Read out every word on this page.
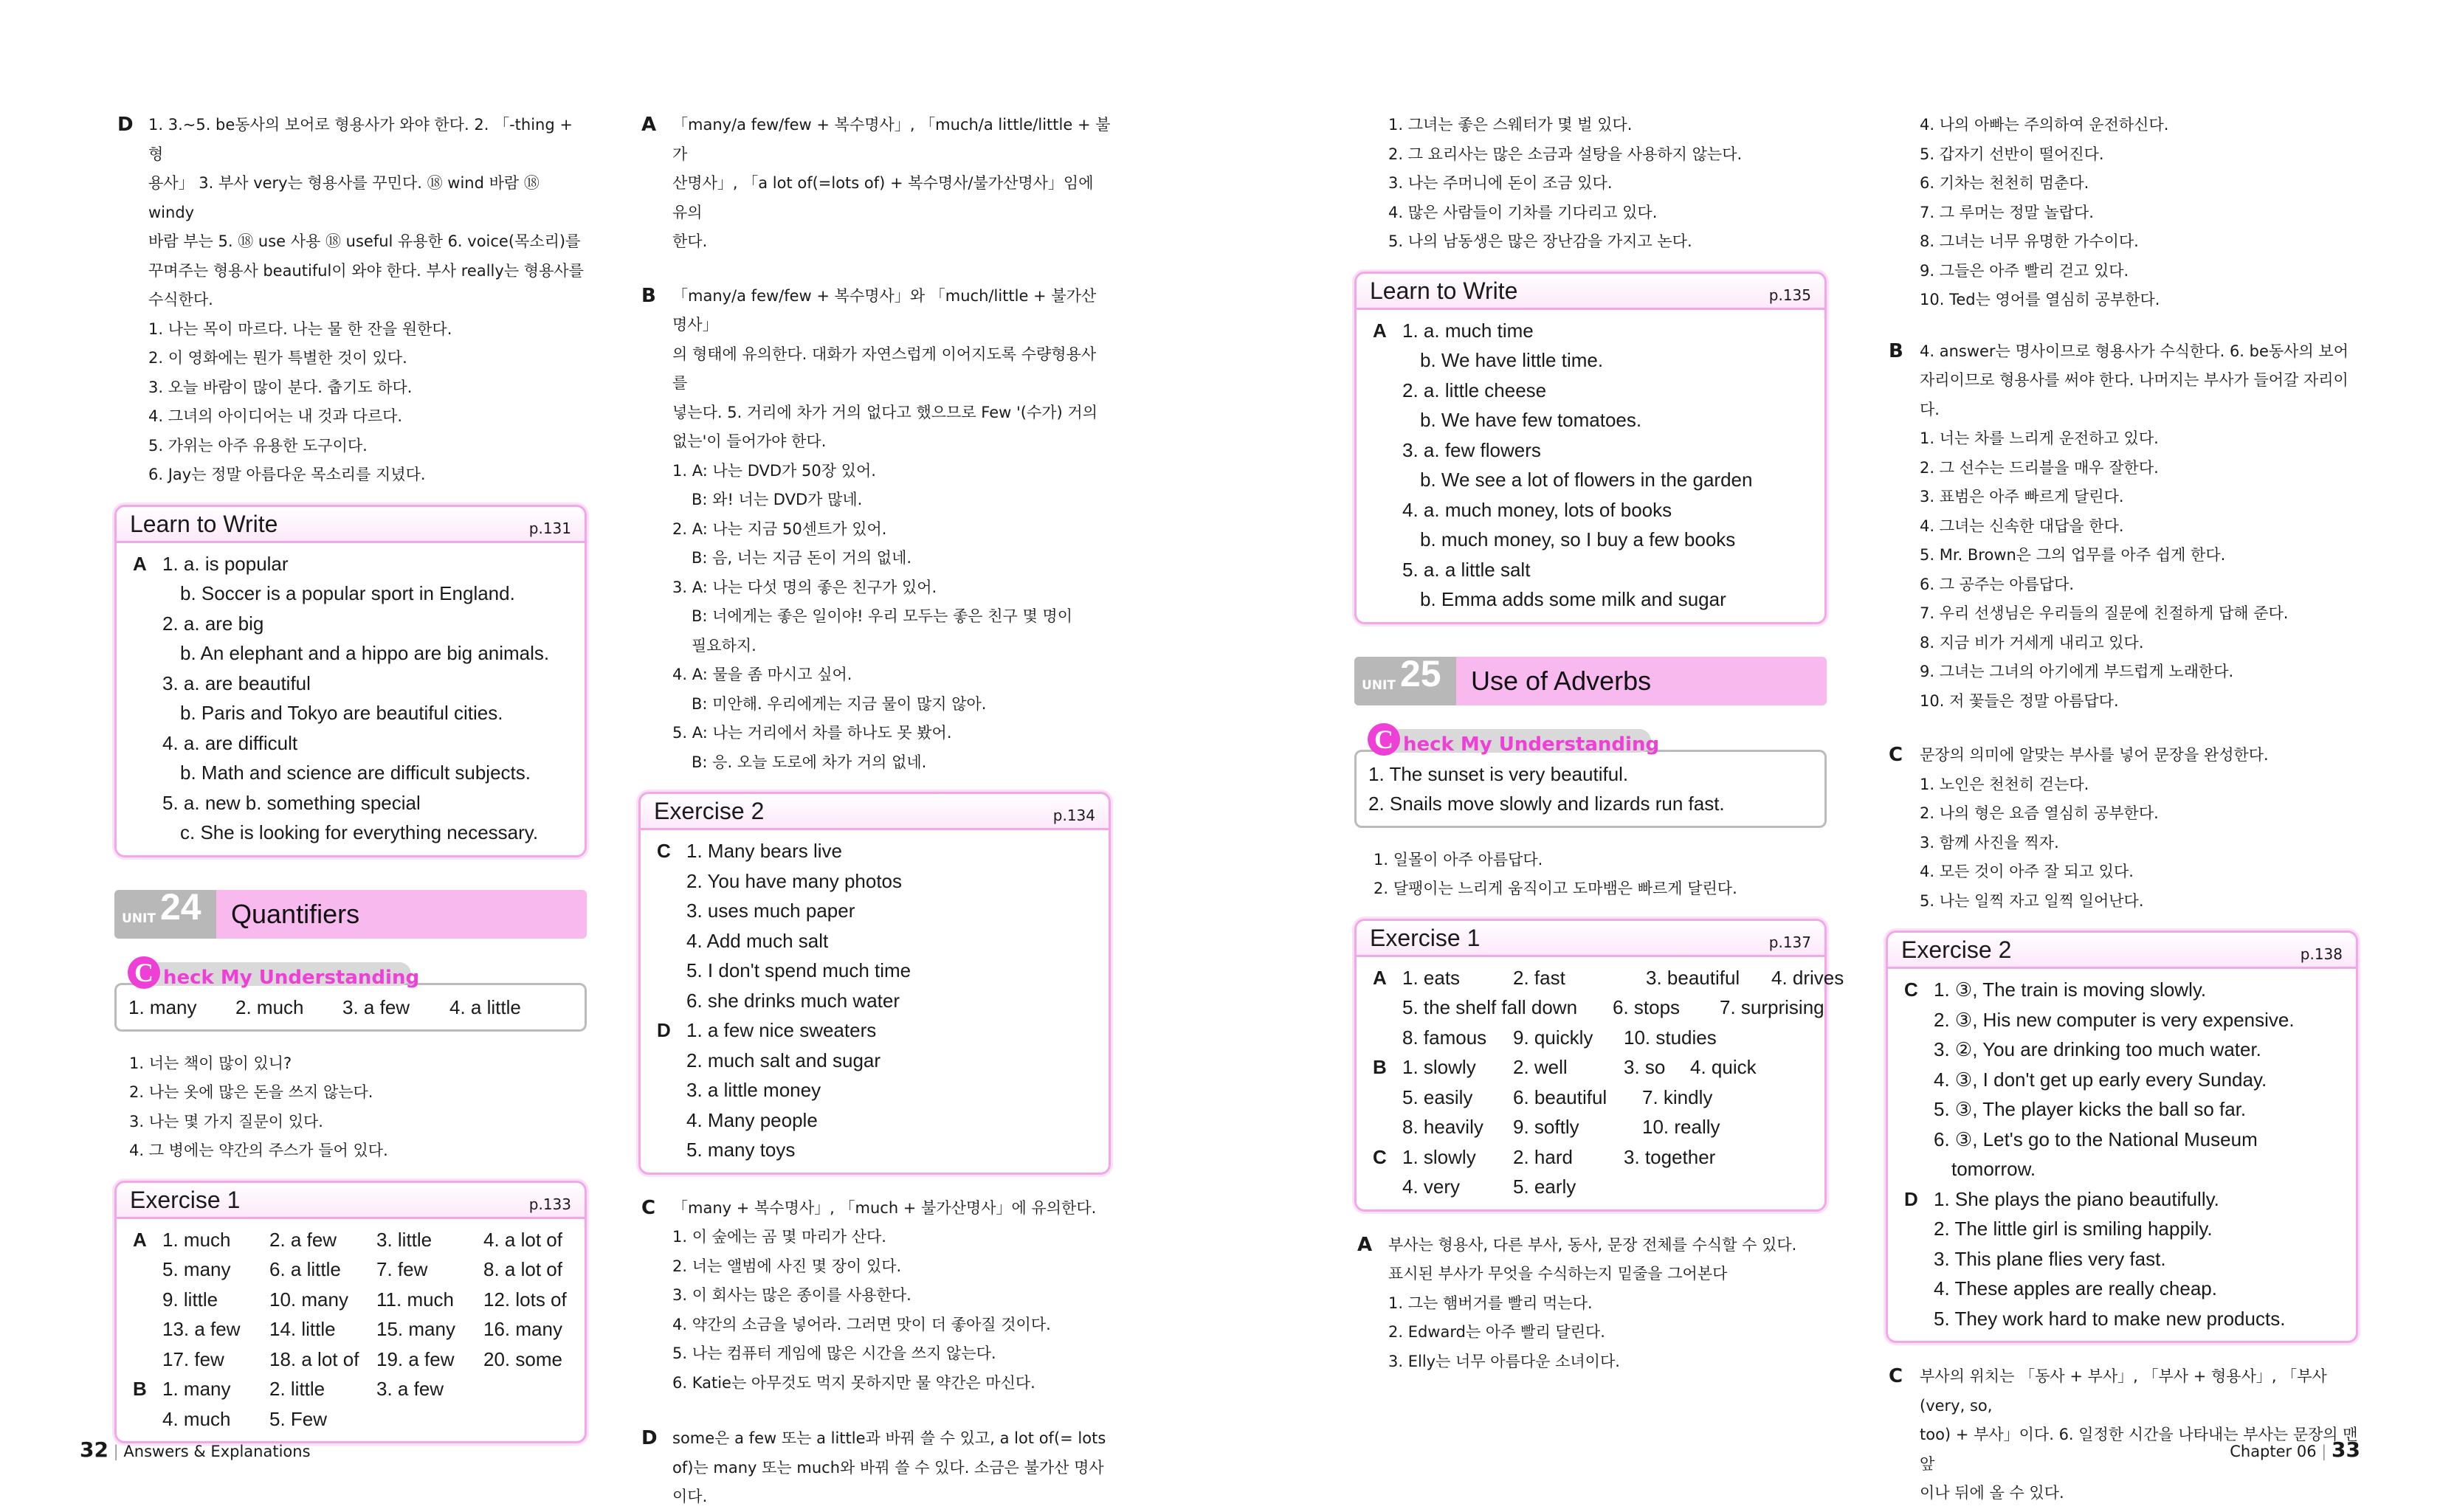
D 1. 3.~5. be동사의 보어로 형용사가 와야 한다. 2. 「-thing + 형
용사」 3. 부사 very는 형용사를 꾸민다. ⑱ wind 바람 ⑱ windy
바람 부는 5. ⑱ use 사용 ⑱ useful 유용한 6. voice(목소리)를
꾸며주는 형용사 beautiful이 와야 한다. 부사 really는 형용사를
수식한다.
1. 나는 목이 마르다. 나는 물 한 잔을 원한다.
2. 이 영화에는 뭔가 특별한 것이 있다.
3. 오늘 바람이 많이 분다. 춥기도 하다.
4. 그녀의 아이디어는 내 것과 다르다.
5. 가위는 아주 유용한 도구이다.
6. Jay는 정말 아름다운 목소리를 지녔다.
Learn to Write	p.131
A 1. a. is popular
b. Soccer is a popular sport in England.
2. a. are big
b. An elephant and a hippo are big animals.
3. a. are beautiful
b. Paris and Tokyo are beautiful cities.
4. a. are difficult
b. Math and science are difficult subjects.
5. a. new b. something special
c. She is looking for everything necessary.
UNIT 24 Quantifiers
C heck My Understanding
1. many	2. much	3. a few	4. a little
1. 너는 책이 많이 있니?
2. 나는 옷에 많은 돈을 쓰지 않는다.
3. 나는 몇 가지 질문이 있다.
4. 그 병에는 약간의 주스가 들어 있다.
Exercise 1	p.133
A 1. much	2. a few	3. little	4. a lot of
5. many	6. a little	7. few	8. a lot of
9. little	10. many	11. much	12. lots of
13. a few	14. little	15. many	16. many
17. few	18. a lot of 19. a few	20. some
B 1. many	2. little	3. a few
4. much	5. Few
A 「many/a few/few + 복수명사」, 「much/a little/little + 불가
산명사」, 「a lot of(=lots of) + 복수명사/불가산명사」임에 유의
한다.
B 「many/a few/few + 복수명사」와 「much/little + 불가산명사」
의 형태에 유의한다. 대화가 자연스럽게 이어지도록 수량형용사를
넣는다. 5. 거리에 차가 거의 없다고 했으므로 Few '(수가) 거의
없는'이 들어가야 한다.
1. A: 나는 DVD가 50장 있어.
B: 와! 너는 DVD가 많네.
2. A: 나는 지금 50센트가 있어.
B: 음, 너는 지금 돈이 거의 없네.
3. A: 나는 다섯 명의 좋은 친구가 있어.
B: 너에게는 좋은 일이야! 우리 모두는 좋은 친구 몇 명이
필요하지.
4. A: 물을 좀 마시고 싶어.
B: 미안해. 우리에게는 지금 물이 많지 않아.
5. A: 나는 거리에서 차를 하나도 못 봤어.
B: 응. 오늘 도로에 차가 거의 없네.
Exercise 2	p.134
C 1. Many bears live
2. You have many photos
3. uses much paper
4. Add much salt
5. I don't spend much time
6. she drinks much water
D 1. a few nice sweaters
2. much salt and sugar
3. a little money
4. Many people
5. many toys
C 「many + 복수명사」, 「much + 불가산명사」에 유의한다.
1. 이 숲에는 곰 몇 마리가 산다.
2. 너는 앨범에 사진 몇 장이 있다.
3. 이 회사는 많은 종이를 사용한다.
4. 약간의 소금을 넣어라. 그러면 맛이 더 좋아질 것이다.
5. 나는 컴퓨터 게임에 많은 시간을 쓰지 않는다.
6. Katie는 아무것도 먹지 못하지만 물 약간은 마신다.
D some은 a few 또는 a little과 바꿔 쓸 수 있고, a lot of(= lots
of)는 many 또는 much와 바꿔 쓸 수 있다. 소금은 불가산 명사
이다.
1. 그녀는 좋은 스웨터가 몇 벌 있다.
2. 그 요리사는 많은 소금과 설탕을 사용하지 않는다.
3. 나는 주머니에 돈이 조금 있다.
4. 많은 사람들이 기차를 기다리고 있다.
5. 나의 남동생은 많은 장난감을 가지고 논다.
Learn to Write	p.135
A 1. a. much time
b. We have little time.
2. a. little cheese
b. We have few tomatoes.
3. a. few flowers
b. We see a lot of flowers in the garden
4. a. much money, lots of books
b. much money, so I buy a few books
5. a. a little salt
b. Emma adds some milk and sugar
UNIT 25 Use of Adverbs
C heck My Understanding
1. The sunset is very beautiful.
2. Snails move slowly and lizards run fast.
1. 일몰이 아주 아름답다.
2. 달팽이는 느리게 움직이고 도마뱀은 빠르게 달린다.
Exercise 1	p.137
A 1. eats	2. fast	3. beautiful	4. drives
5. the shelf fall down	6. stops	7. surprising
8. famous	9. quickly	10. studies
B 1. slowly	2. well	3. so	4. quick
5. easily	6. beautiful	7. kindly
8. heavily	9. softly	10. really
C 1. slowly	2. hard	3. together
4. very	5. early
A 부사는 형용사, 다른 부사, 동사, 문장 전체를 수식할 수 있다.
표시된 부사가 무엇을 수식하는지 밑줄을 그어본다
1. 그는 햄버거를 빨리 먹는다.
2. Edward는 아주 빨리 달린다.
3. Elly는 너무 아름다운 소녀이다.
4. 나의 아빠는 주의하여 운전하신다.
5. 갑자기 선반이 떨어진다.
6. 기차는 천천히 멈춘다.
7. 그 루머는 정말 놀랍다.
8. 그녀는 너무 유명한 가수이다.
9. 그들은 아주 빨리 걷고 있다.
10. Ted는 영어를 열심히 공부한다.
B 4. answer는 명사이므로 형용사가 수식한다. 6. be동사의 보어
자리이므로 형용사를 써야 한다. 나머지는 부사가 들어갈 자리이다.
1. 너는 차를 느리게 운전하고 있다.
2. 그 선수는 드리블을 매우 잘한다.
3. 표범은 아주 빠르게 달린다.
4. 그녀는 신속한 대답을 한다.
5. Mr. Brown은 그의 업무를 아주 쉽게 한다.
6. 그 공주는 아름답다.
7. 우리 선생님은 우리들의 질문에 친절하게 답해 준다.
8. 지금 비가 거세게 내리고 있다.
9. 그녀는 그녀의 아기에게 부드럽게 노래한다.
10. 저 꽃들은 정말 아름답다.
C 문장의 의미에 알맞는 부사를 넣어 문장을 완성한다.
1. 노인은 천천히 걷는다.
2. 나의 형은 요즘 열심히 공부한다.
3. 함께 사진을 찍자.
4. 모든 것이 아주 잘 되고 있다.
5. 나는 일찍 자고 일찍 일어난다.
Exercise 2	p.138
C 1. ③, The train is moving slowly.
2. ③, His new computer is very expensive.
3. ②, You are drinking too much water.
4. ③, I don't get up early every Sunday.
5. ③, The player kicks the ball so far.
6. ③, Let's go to the National Museum
tomorrow.
D 1. She plays the piano beautifully.
2. The little girl is smiling happily.
3. This plane flies very fast.
4. These apples are really cheap.
5. They work hard to make new products.
C 부사의 위치는 「동사 + 부사」, 「부사 + 형용사」, 「부사(very, so,
too) + 부사」이다. 6. 일정한 시간을 나타내는 부사는 문장의 맨 앞
이나 뒤에 올 수 있다.
32 | Answers & Explanations	Chapter 06 | 33
